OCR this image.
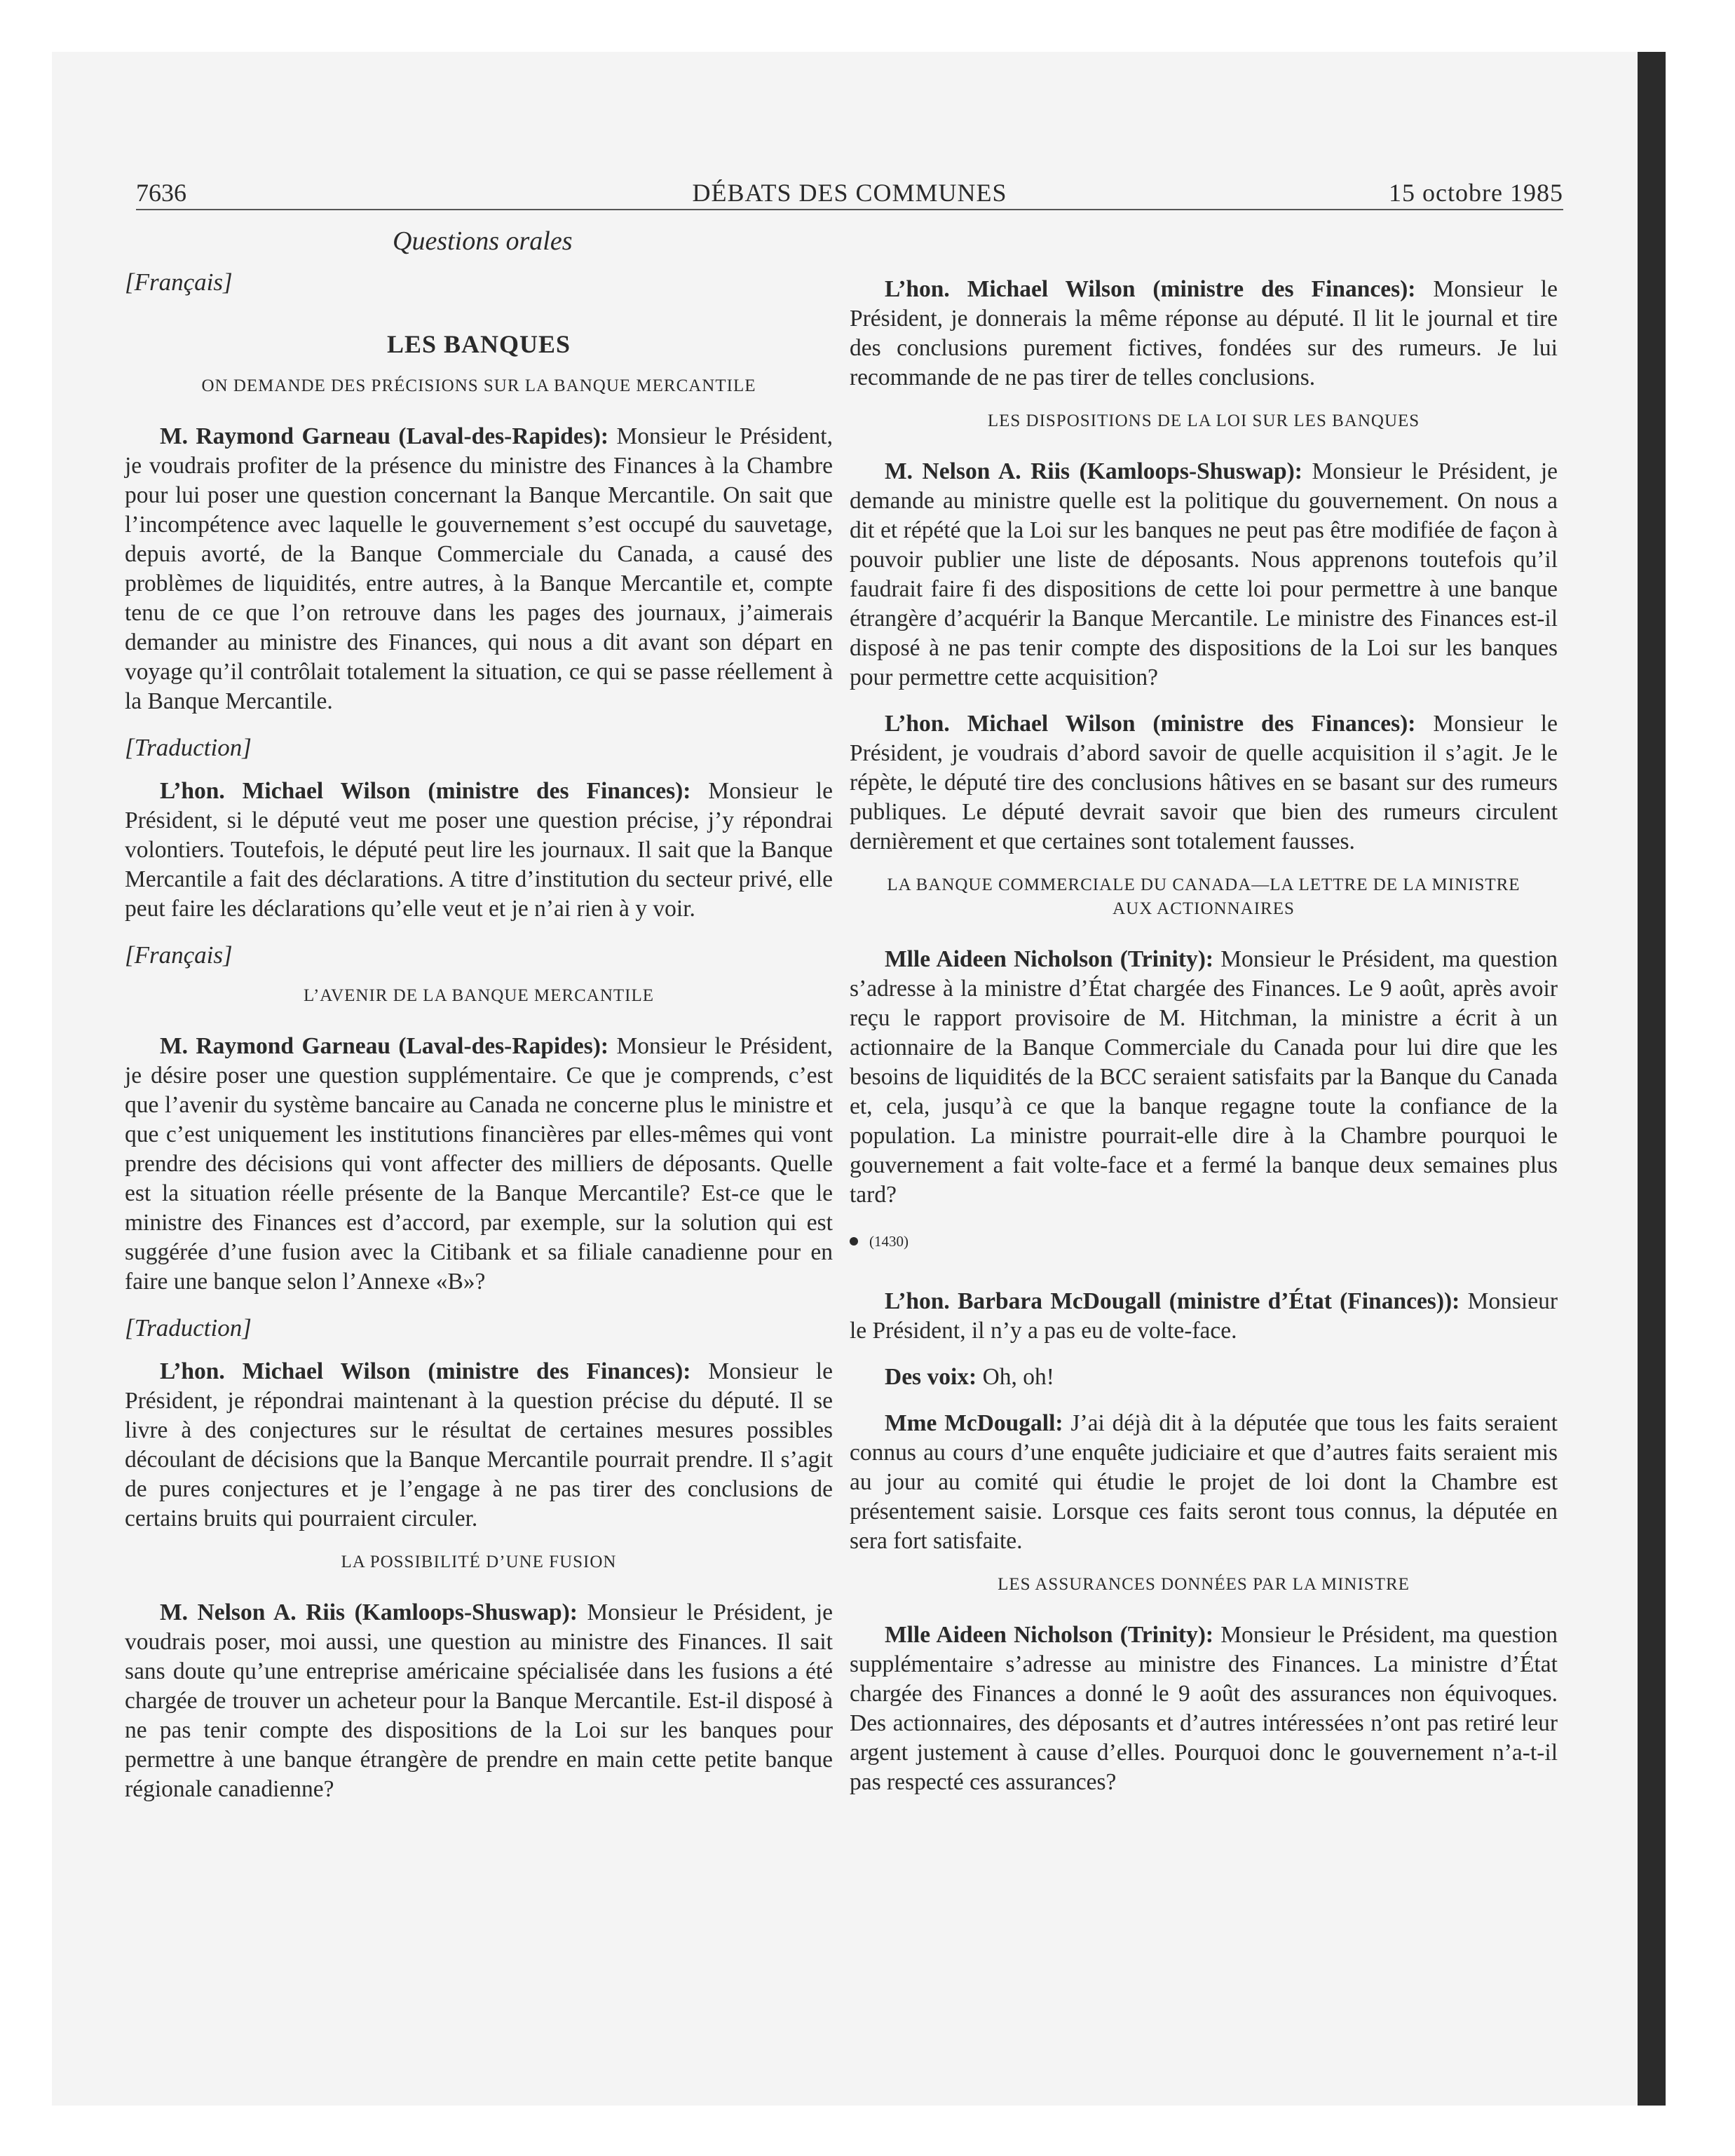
7636	DÉBATS DES COMMUNES	15 octobre 1985
Questions orales
[Français]
LES BANQUES
ON DEMANDE DES PRÉCISIONS SUR LA BANQUE MERCANTILE

M. Raymond Garneau (Laval-des-Rapides): Monsieur le Président, je voudrais profiter de la présence du ministre des Finances à la Chambre pour lui poser une question concernant la Banque Mercantile. On sait que l’incompétence avec laquelle le gouvernement s’est occupé du sauvetage, depuis avorté, de la Banque Commerciale du Canada, a causé des problèmes de liquidités, entre autres, à la Banque Mercantile et, compte tenu de ce que l’on retrouve dans les pages des journaux, j’aimerais demander au ministre des Finances, qui nous a dit avant son départ en voyage qu’il contrôlait totalement la situation, ce qui se passe réellement à la Banque Mercantile.

[Traduction]

L’hon. Michael Wilson (ministre des Finances): Monsieur le Président, si le député veut me poser une question précise, j’y répondrai volontiers. Toutefois, le député peut lire les journaux. Il sait que la Banque Mercantile a fait des déclarations. A titre d’institution du secteur privé, elle peut faire les déclarations qu’elle veut et je n’ai rien à y voir.

[Français]
L’AVENIR DE LA BANQUE MERCANTILE

M. Raymond Garneau (Laval-des-Rapides): Monsieur le Président, je désire poser une question supplémentaire. Ce que je comprends, c’est que l’avenir du système bancaire au Canada ne concerne plus le ministre et que c’est uniquement les institutions financières par elles-mêmes qui vont prendre des décisions qui vont affecter des milliers de déposants. Quelle est la situation réelle présente de la Banque Mercantile? Est-ce que le ministre des Finances est d’accord, par exemple, sur la solution qui est suggérée d’une fusion avec la Citibank et sa filiale canadienne pour en faire une banque selon l’Annexe «B»?

[Traduction]

L’hon. Michael Wilson (ministre des Finances): Monsieur le Président, je répondrai maintenant à la question précise du député. Il se livre à des conjectures sur le résultat de certaines mesures possibles découlant de décisions que la Banque Mercantile pourrait prendre. Il s’agit de pures conjectures et je l’engage à ne pas tirer des conclusions de certains bruits qui pourraient circuler.

LA POSSIBILITÉ D’UNE FUSION

M. Nelson A. Riis (Kamloops-Shuswap): Monsieur le Président, je voudrais poser, moi aussi, une question au ministre des Finances. Il sait sans doute qu’une entreprise américaine spécialisée dans les fusions a été chargée de trouver un acheteur pour la Banque Mercantile. Est-il disposé à ne pas tenir compte des dispositions de la Loi sur les banques pour permettre à une banque étrangère de prendre en main cette petite banque régionale canadienne?

L’hon. Michael Wilson (ministre des Finances): Monsieur le Président, je donnerais la même réponse au député. Il lit le journal et tire des conclusions purement fictives, fondées sur des rumeurs. Je lui recommande de ne pas tirer de telles conclusions.

LES DISPOSITIONS DE LA LOI SUR LES BANQUES

M. Nelson A. Riis (Kamloops-Shuswap): Monsieur le Président, je demande au ministre quelle est la politique du gouvernement. On nous a dit et répété que la Loi sur les banques ne peut pas être modifiée de façon à pouvoir publier une liste de déposants. Nous apprenons toutefois qu’il faudrait faire fi des dispositions de cette loi pour permettre à une banque étrangère d’acquérir la Banque Mercantile. Le ministre des Finances est-il disposé à ne pas tenir compte des dispositions de la Loi sur les banques pour permettre cette acquisition?

L’hon. Michael Wilson (ministre des Finances): Monsieur le Président, je voudrais d’abord savoir de quelle acquisition il s’agit. Je le répète, le député tire des conclusions hâtives en se basant sur des rumeurs publiques. Le député devrait savoir que bien des rumeurs circulent dernièrement et que certaines sont totalement fausses.

LA BANQUE COMMERCIALE DU CANADA—LA LETTRE DE LA MINISTRE AUX ACTIONNAIRES

Mlle Aideen Nicholson (Trinity): Monsieur le Président, ma question s’adresse à la ministre d’État chargée des Finances. Le 9 août, après avoir reçu le rapport provisoire de M. Hitchman, la ministre a écrit à un actionnaire de la Banque Commerciale du Canada pour lui dire que les besoins de liquidités de la BCC seraient satisfaits par la Banque du Canada et, cela, jusqu’à ce que la banque regagne toute la confiance de la population. La ministre pourrait-elle dire à la Chambre pourquoi le gouvernement a fait volte-face et a fermé la banque deux semaines plus tard?

(1430)

L’hon. Barbara McDougall (ministre d’État (Finances)): Monsieur le Président, il n’y a pas eu de volte-face.

Des voix: Oh, oh!

Mme McDougall: J’ai déjà dit à la députée que tous les faits seraient connus au cours d’une enquête judiciaire et que d’autres faits seraient mis au jour au comité qui étudie le projet de loi dont la Chambre est présentement saisie. Lorsque ces faits seront tous connus, la députée en sera fort satisfaite.

LES ASSURANCES DONNÉES PAR LA MINISTRE

Mlle Aideen Nicholson (Trinity): Monsieur le Président, ma question supplémentaire s’adresse au ministre des Finances. La ministre d’État chargée des Finances a donné le 9 août des assurances non équivoques. Des actionnaires, des déposants et d’autres intéressées n’ont pas retiré leur argent justement à cause d’elles. Pourquoi donc le gouvernement n’a-t-il pas respecté ces assurances?
